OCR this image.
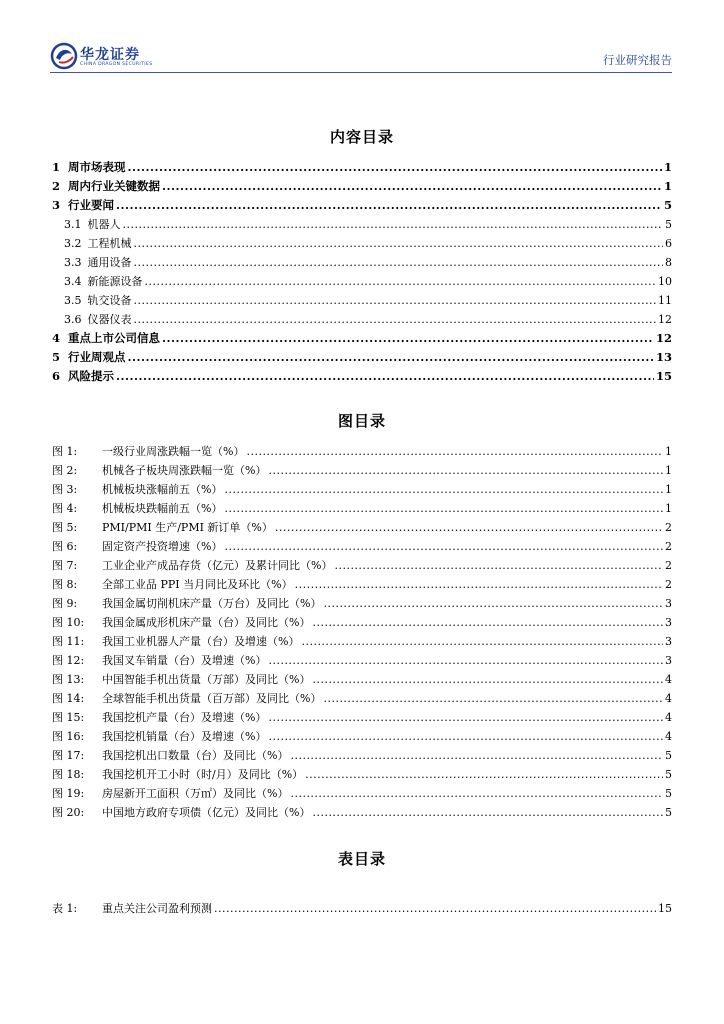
华龙证券
CHINA DRAGON SECURITIES	行业研究报告
内容目录
1 周市场表现 .....	1
2 周内行业关键数据 .....	1
3 行业要闻 .....	5
3.1 机器人 .....	5
3.2 工程机械 .....	6
3.3 通用设备 .....	8
3.4 新能源设备 .....	10
3.5 轨交设备 .....	11
3.6 仪器仪表 .....	12
4 重点上市公司信息 .....	12
5 行业周观点 .....	13
6 风险提示 .....	15
图目录
图 1:	一级行业周涨跌幅一览（%） .....	1
图 2:	机械各子板块周涨跌幅一览（%） .....	1
图 3:	机械板块涨幅前五（%） .....	1
图 4:	机械板块跌幅前五（%） .....	1
图 5:	PMI/PMI 生产/PMI 新订单（%） .....	2
图 6:	固定资产投资增速（%） .....	2
图 7:	工业企业产成品存货（亿元）及累计同比（%） .....	2
图 8:	全部工业品 PPI 当月同比及环比（%） .....	2
图 9:	我国金属切削机床产量（万台）及同比（%） .....	3
图 10:	我国金属成形机床产量（台）及同比（%） .....	3
图 11:	我国工业机器人产量（台）及增速（%） .....	3
图 12:	我国叉车销量（台）及增速（%） .....	3
图 13:	中国智能手机出货量（万部）及同比（%） .....	4
图 14:	全球智能手机出货量（百万部）及同比（%） .....	4
图 15:	我国挖机产量（台）及增速（%） .....	4
图 16:	我国挖机销量（台）及增速（%） .....	4
图 17:	我国挖机出口数量（台）及同比（%） .....	5
图 18:	我国挖机开工小时（时/月）及同比（%） .....	5
图 19:	房屋新开工面积（万㎡）及同比（%） .....	5
图 20:	中国地方政府专项债（亿元）及同比（%） .....	5
表目录
表 1:	重点关注公司盈利预测 .....	15
